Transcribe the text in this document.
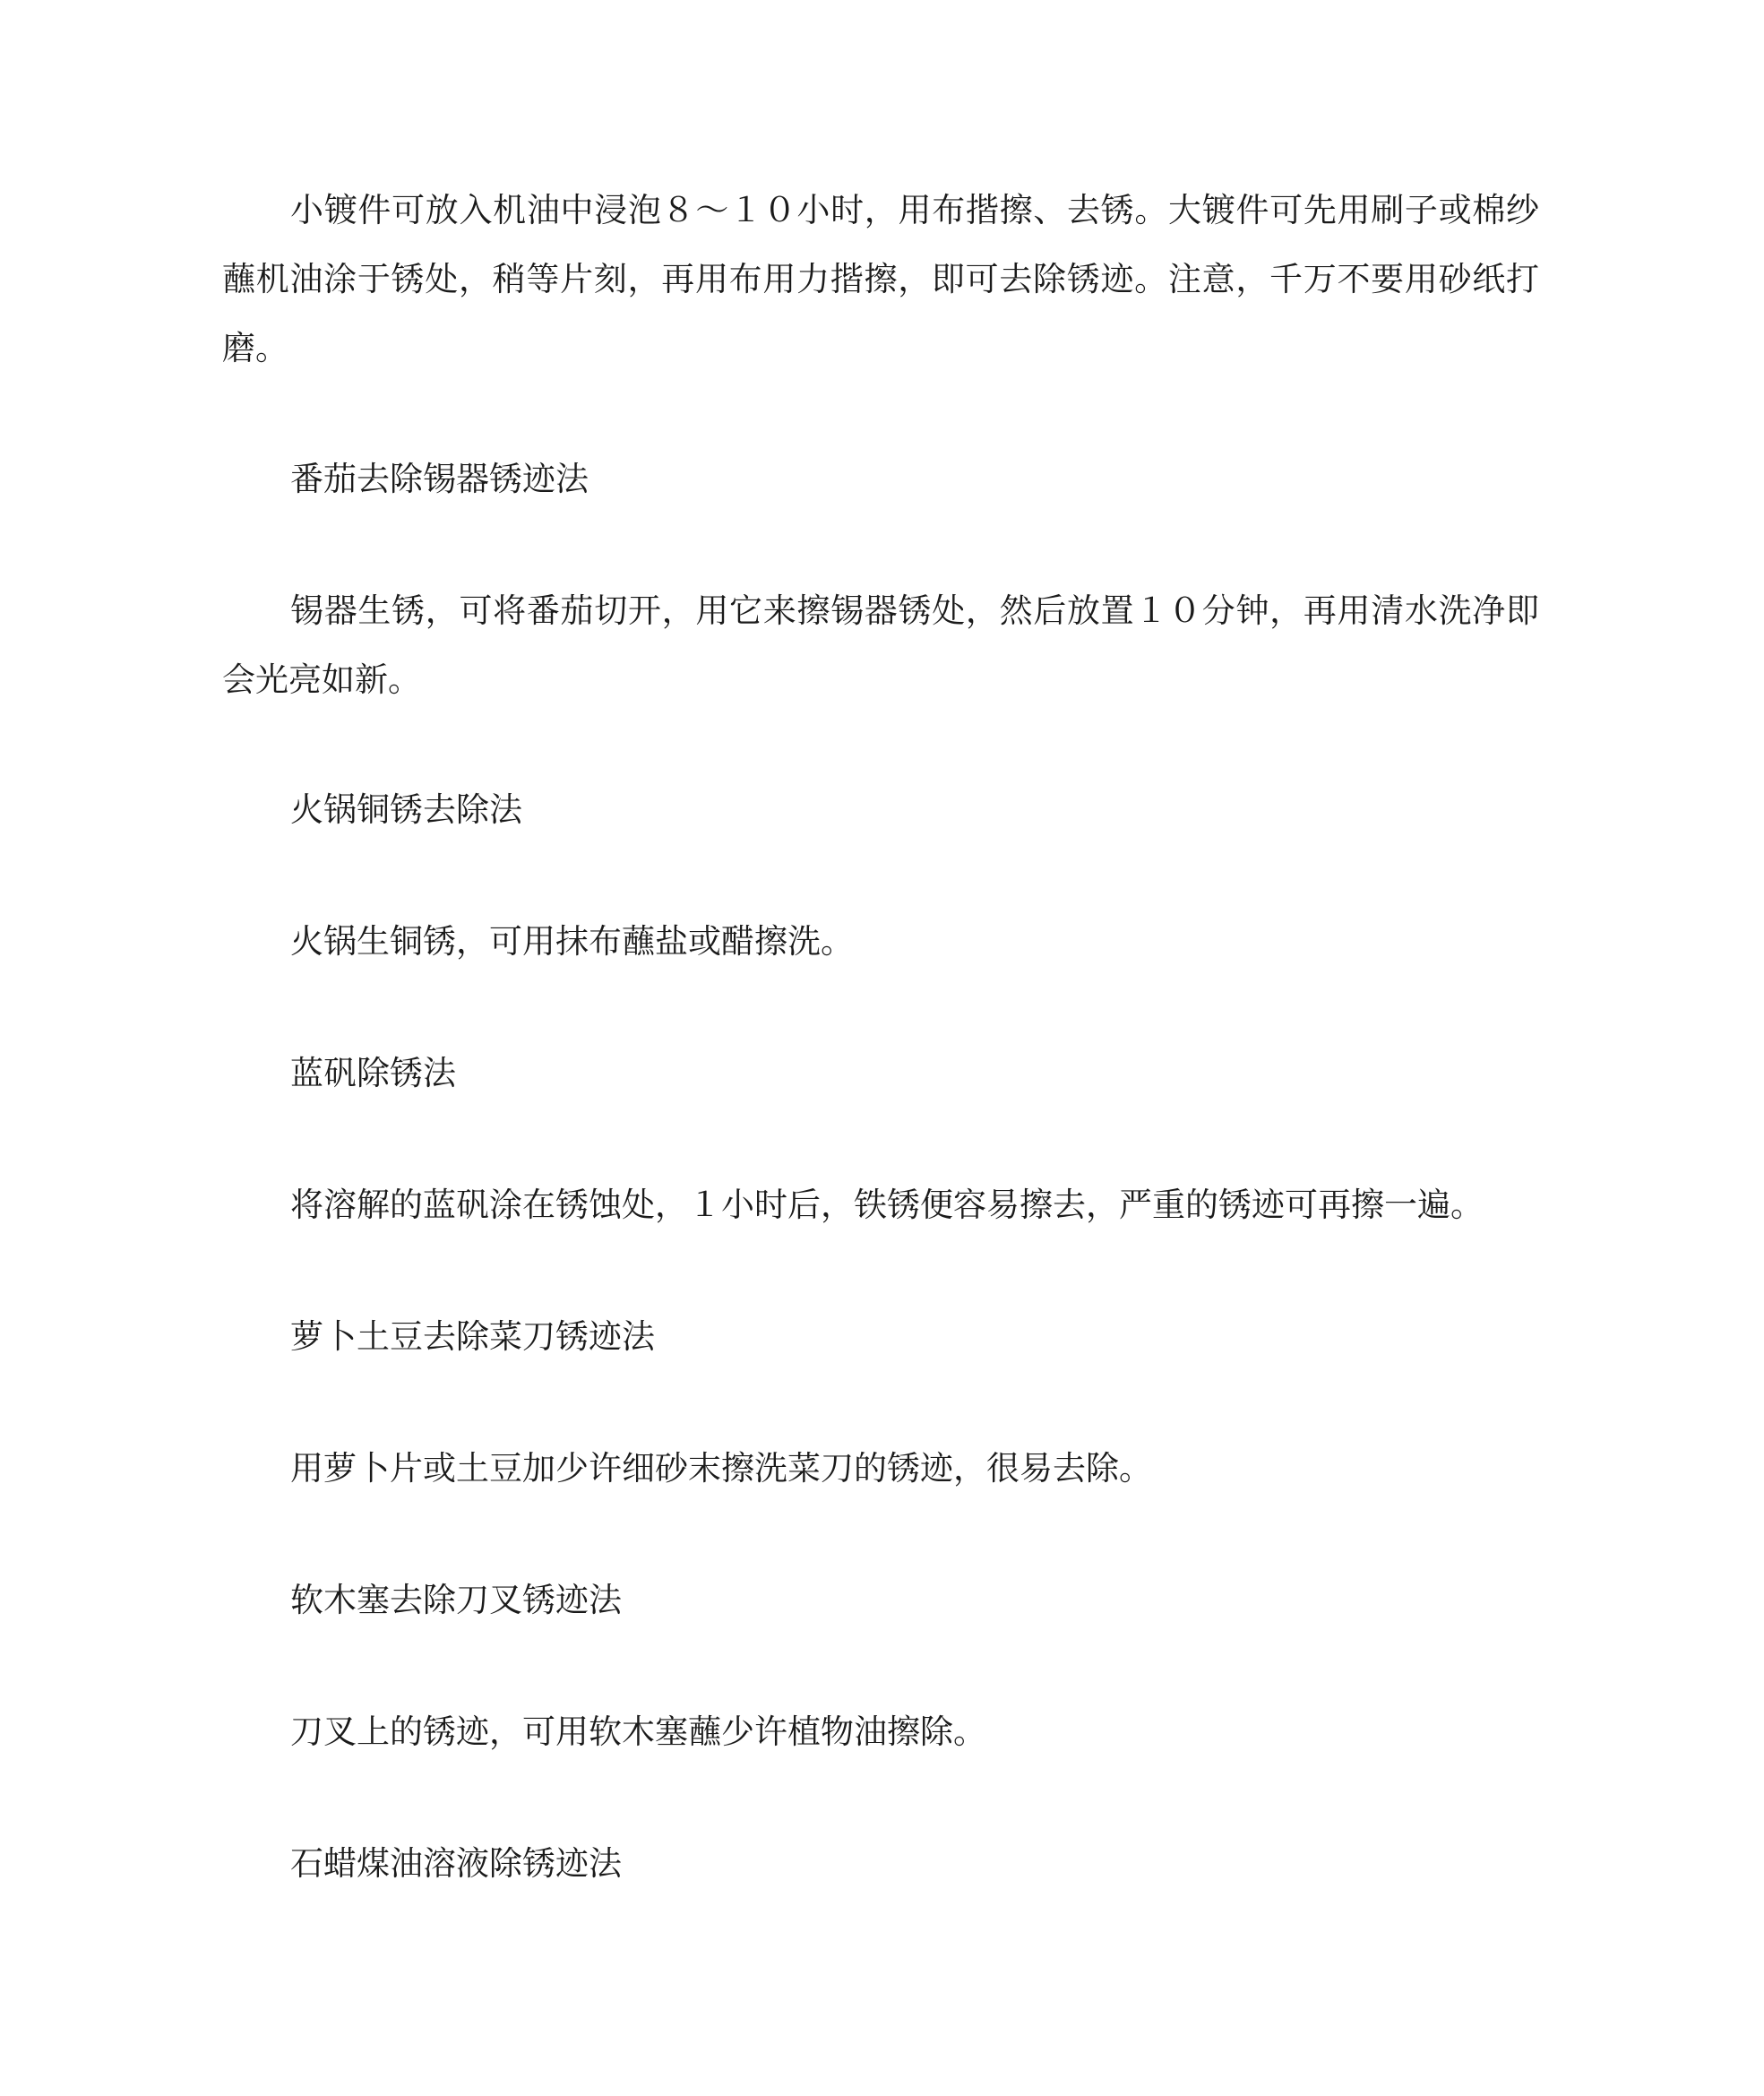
小镀件可放入机油中浸泡８～１０小时，用布揩擦、去锈。大镀件可先用刷子或棉纱蘸机油涂于锈处，稍等片刻，再用布用力揩擦，即可去除锈迹。注意，千万不要用砂纸打磨。

番茄去除锡器锈迹法

锡器生锈，可将番茄切开，用它来擦锡器锈处，然后放置１０分钟，再用清水洗净即会光亮如新。

火锅铜锈去除法

火锅生铜锈，可用抹布蘸盐或醋擦洗。

蓝矾除锈法

将溶解的蓝矾涂在锈蚀处，１小时后，铁锈便容易擦去，严重的锈迹可再擦一遍。

萝卜土豆去除菜刀锈迹法

用萝卜片或土豆加少许细砂末擦洗菜刀的锈迹，很易去除。

软木塞去除刀叉锈迹法

刀叉上的锈迹，可用软木塞蘸少许植物油擦除。

石蜡煤油溶液除锈迹法
